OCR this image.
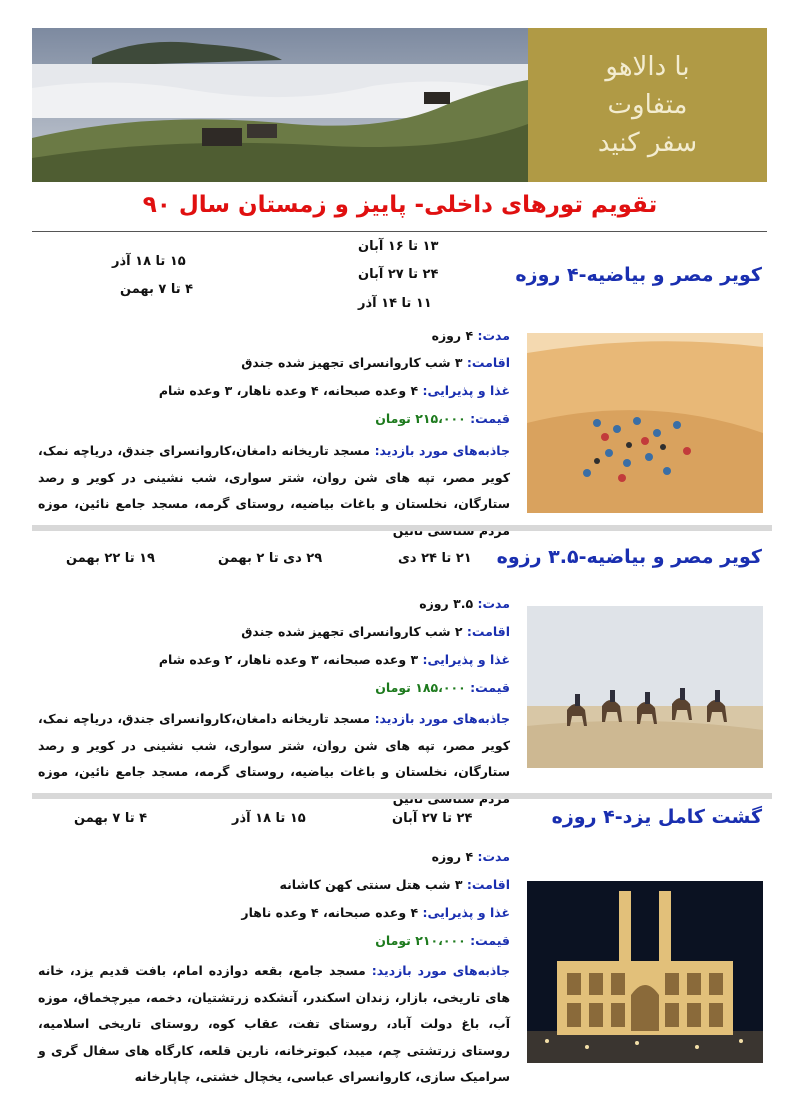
با دالاهو
متفاوت
سفر کنید
تقویم تورهای داخلی- پاییز و زمستان سال ۹۰
کویر مصر و بیاضیه-۴ روزه
۱۳ تا ۱۶ آبان
۲۴ تا ۲۷ آبان
۱۱ تا ۱۴ آذر
۱۵ تا ۱۸ آذر
۴ تا ۷ بهمن
مدت: ۴ روزه
اقامت: ۳ شب کاروانسرای تجهیز شده جندق
غذا و پذیرایی: ۴ وعده صبحانه، ۴ وعده ناهار، ۳ وعده شام
قیمت: ۲۱۵،۰۰۰ تومان
جاذبه‌های مورد بازدید: مسجد تاریخانه دامغان،کاروانسرای جندق، دریاچه نمک، کویر مصر، تپه های شن روان، شتر سواری، شب نشینی در کویر و رصد ستارگان، نخلستان و باغات بیاضیه، روستای گرمه، مسجد جامع نائین، موزه
کویر مصر و بیاضیه-۳.۵ رزوه
۲۱ تا ۲۴ دی
۲۹ دی تا ۲ بهمن
۱۹ تا ۲۲ بهمن
مدت: ۳.۵ روزه
اقامت: ۲ شب کاروانسرای تجهیز شده جندق
غذا و پذیرایی: ۳ وعده صبحانه، ۳ وعده ناهار، ۲ وعده شام
قیمت: ۱۸۵،۰۰۰ تومان
جاذبه‌های مورد بازدید: مسجد تاریخانه دامغان،کاروانسرای جندق، دریاچه نمک، کویر مصر، تپه های شن روان، شتر سواری، شب نشینی در کویر و رصد ستارگان، نخلستان و باغات بیاضیه، روستای گرمه، مسجد جامع نائین، موزه
گشت کامل یزد-۴ روزه
۲۴ تا ۲۷ آبان
۱۵ تا ۱۸ آذر
۴ تا ۷ بهمن
مدت: ۴ روزه
اقامت: ۳ شب هتل سنتی کهن کاشانه
غذا و پذیرایی: ۴ وعده صبحانه، ۴ وعده ناهار
قیمت: ۲۱۰،۰۰۰ تومان
جاذبه‌های مورد بازدید: مسجد جامع، بقعه دوازده امام، بافت قدیم یزد، خانه های تاریخی، بازار، زندان اسکندر، آتشکده زرتشتیان، دخمه، میرچخماق، موزه آب، باغ دولت آباد، روستای تفت، عقاب کوه، روستای تاریخی اسلامیه، روستای زرتشتی چم، میبد، کبوترخانه، نارین قلعه، کارگاه های سفال گری و سرامیک سازی، کاروانسرای عباسی، یخچال خشتی، چاپارخانه
